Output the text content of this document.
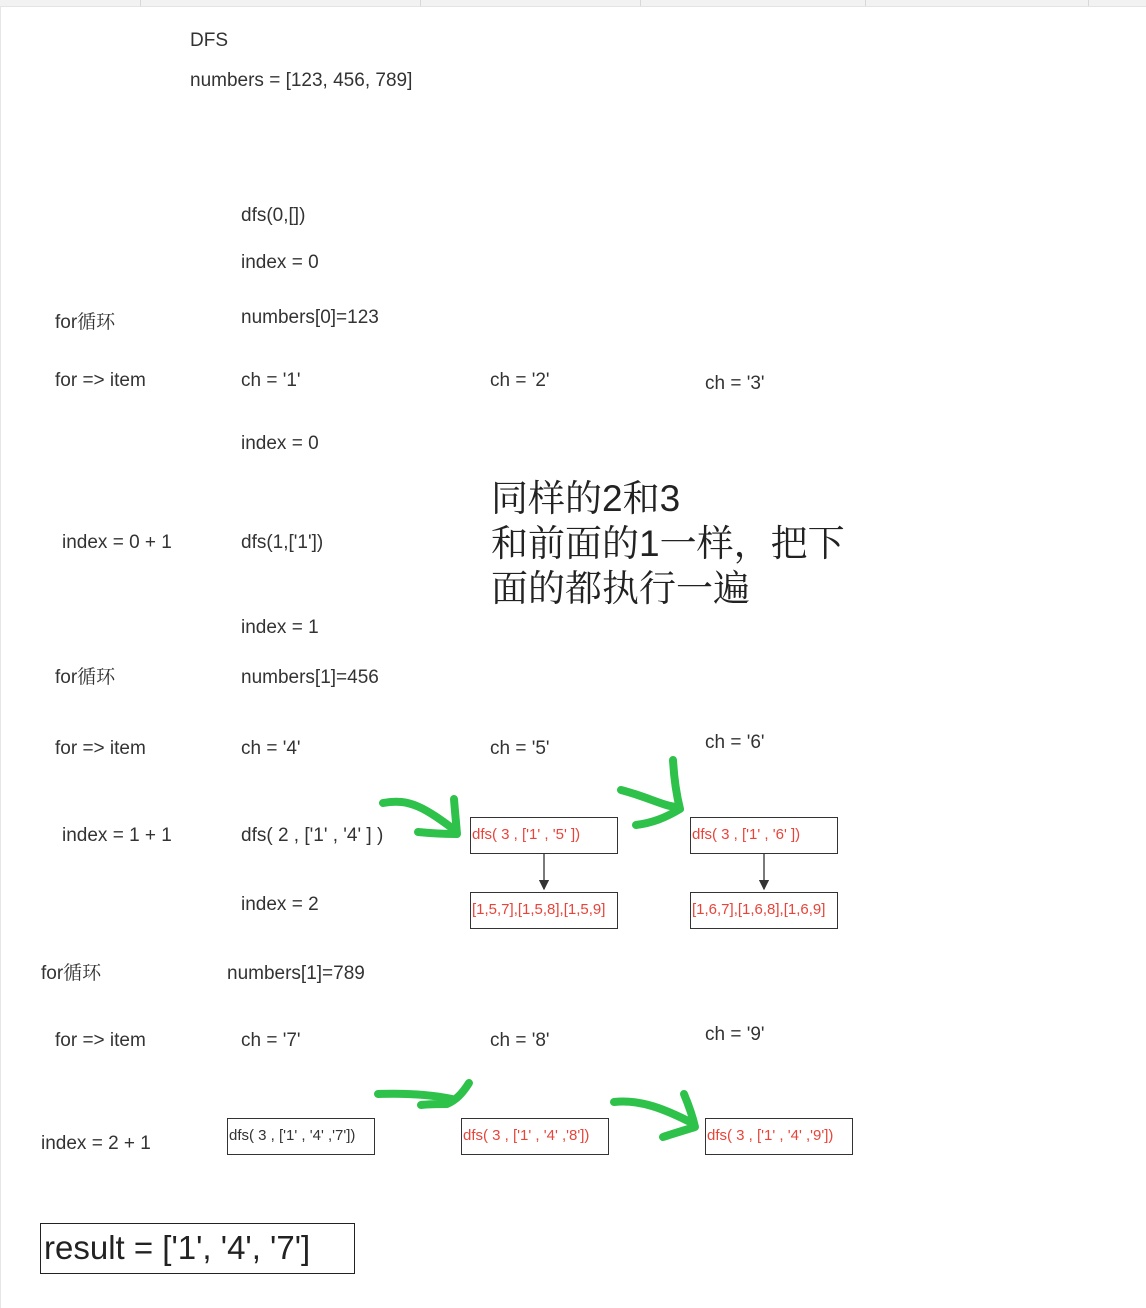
DFS
numbers = [123, 456, 789]
dfs(0,[])
index = 0
for循环	numbers[0]=123
for => item	ch = '1'	ch = '2'	ch = '3'
index = 0
index = 0 + 1	dfs(1,['1'])
index = 1
for循环	numbers[1]=456
for => item	ch = '4'	ch = '5'	ch = '6'
index = 1 + 1	dfs( 2 , ['1' , '4' ] )	dfs( 3 , ['1' , '5' ])	dfs( 3 , ['1' , '6' ])
[1,5,7],[1,5,8],[1,5,9]	[1,6,7],[1,6,8],[1,6,9]
index = 2
for循环	numbers[1]=789
for => item	ch = '7'	ch = '8'	ch = '9'
index = 2 + 1	dfs( 3 , ['1' , '4' ,'7'])	dfs( 3 , ['1' , '4' ,'8'])	dfs( 3 , ['1' , '4' ,'9'])
同样的2和3
和前面的1一样，把下
面的都执行一遍
result = ['1', '4', '7']
